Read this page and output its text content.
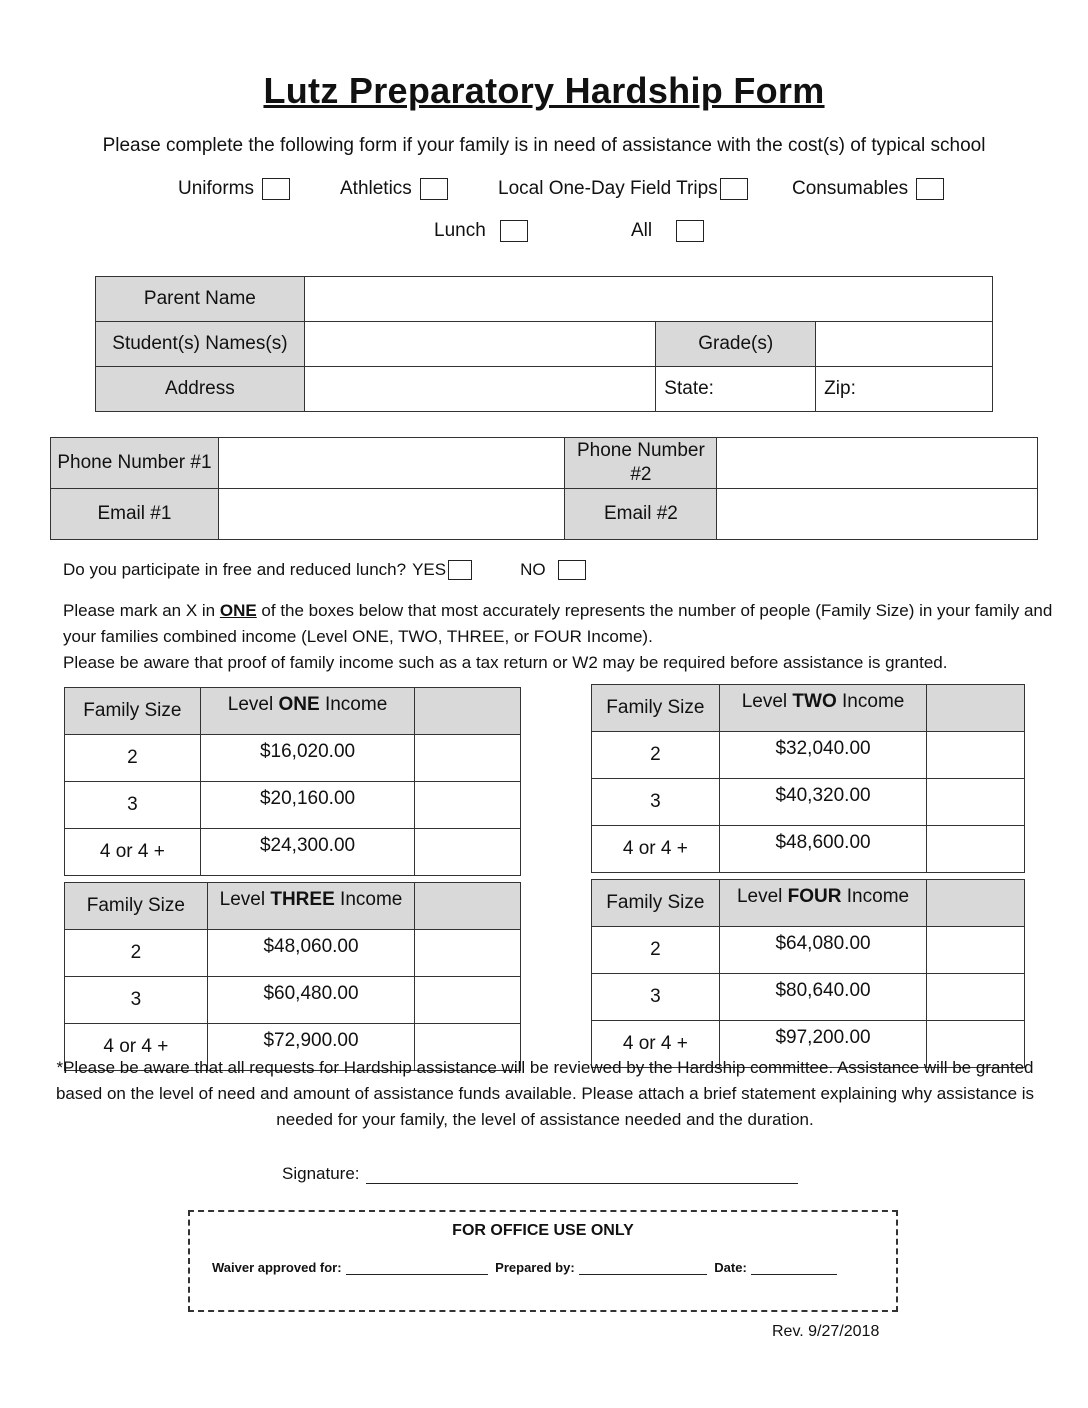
Lutz Preparatory Hardship Form
Please complete the following form if your family is in need of assistance with the cost(s) of typical school
Uniforms	Athletics	Local One-Day Field Trips	Consumables
Lunch	All
Parent Name			
Student(s) Names(s)		Grade(s)	
Address		State:	Zip:
Phone Number #1		Phone Number #2	
Email #1		Email #2	
Do you participate in free and reduced lunch? YES	NO
Please mark an X in ONE of the boxes below that most accurately represents the number of people (Family Size) in your family and your families combined income (Level ONE, TWO, THREE, or FOUR Income).
Please be aware that proof of family income such as a tax return or W2 may be required before assistance is granted.
Family Size	Level ONE Income	
2	$16,020.00	
3	$20,160.00	
4 or 4 +	$24,300.00	
Family Size	Level TWO Income	
2	$32,040.00	
3	$40,320.00	
4 or 4 +	$48,600.00	
Family Size	Level THREE Income	
2	$48,060.00	
3	$60,480.00	
4 or 4 +	$72,900.00	
Family Size	Level FOUR Income	
2	$64,080.00	
3	$80,640.00	
4 or 4 +	$97,200.00	
*Please be aware that all requests for Hardship assistance will be reviewed by the Hardship committee. Assistance will be granted based on the level of need and amount of assistance funds available. Please attach a brief statement explaining why assistance is needed for your family, the level of assistance needed and the duration.
Signature:
FOR OFFICE USE ONLY
Waiver approved for:	Prepared by:	Date:
Rev. 9/27/2018
